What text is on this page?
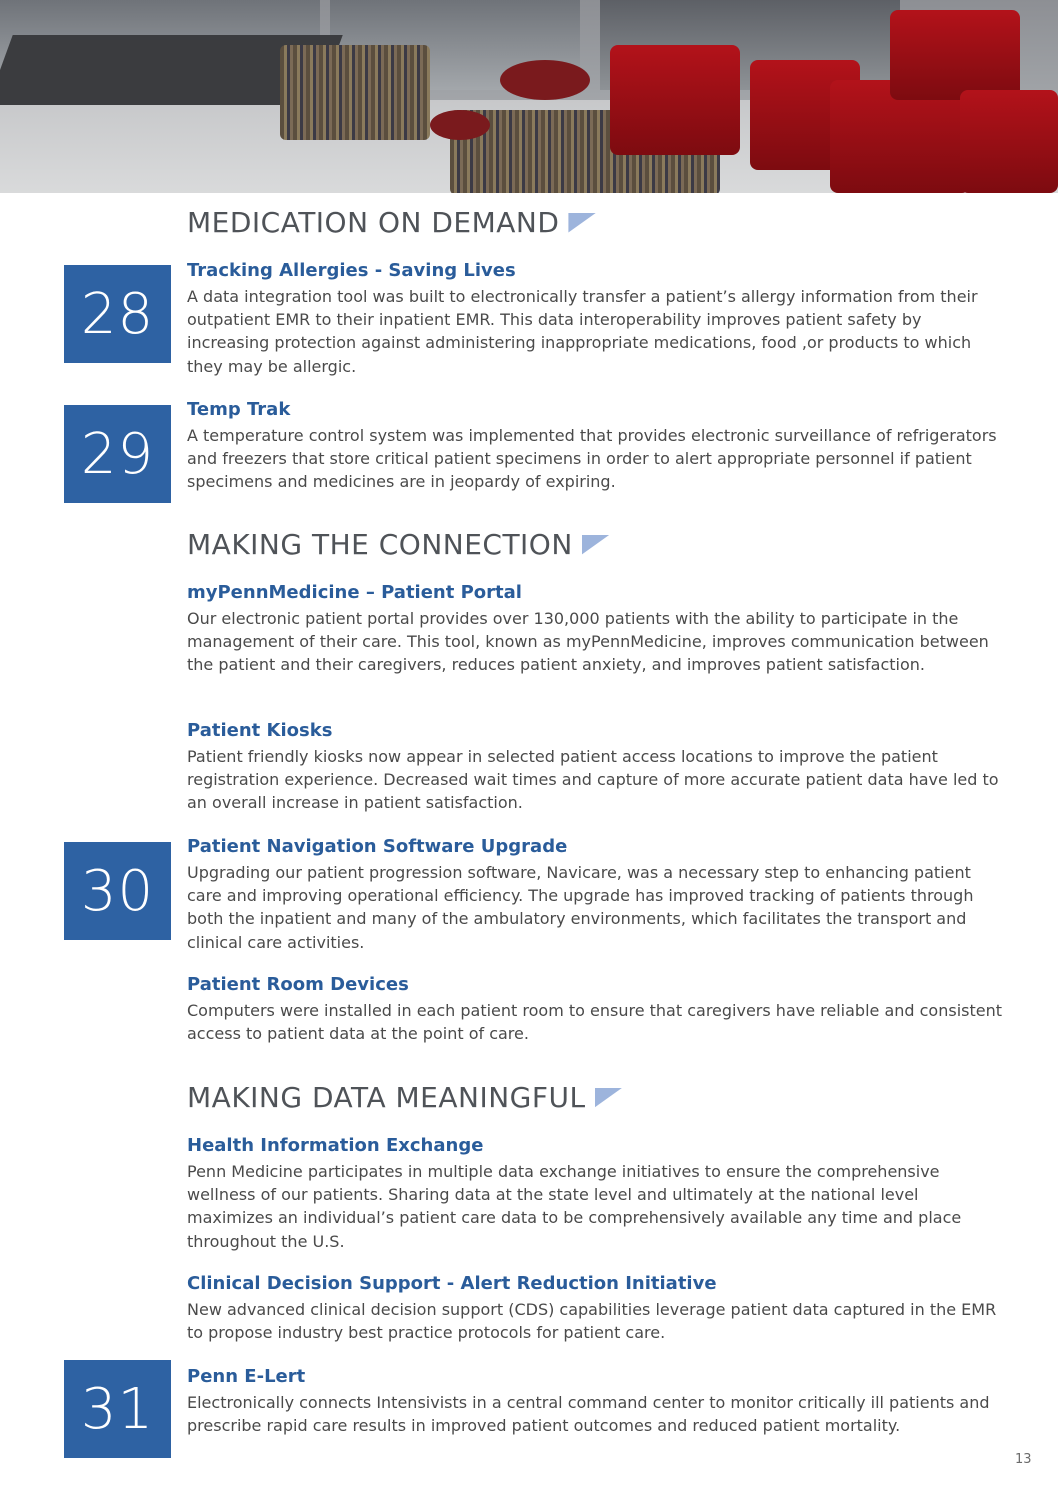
MEDICATION ON DEMAND
28

Tracking Allergies - Saving Lives

A data integration tool was built to electronically transfer a patient’s allergy information from their outpatient EMR to their inpatient EMR. This data interoperability improves patient safety by increasing protection against administering inappropriate medications, food ,or products to which they may be allergic.

29

Temp Trak

A temperature control system was implemented that provides electronic surveillance of refrigerators and freezers that store critical patient specimens in order to alert appropriate personnel if patient specimens and medicines are in jeopardy of expiring.

MAKING THE CONNECTION

myPennMedicine – Patient Portal

Our electronic patient portal provides over 130,000 patients with the ability to participate in the management of their care. This tool, known as myPennMedicine, improves communication between the patient and their caregivers, reduces patient anxiety, and improves patient satisfaction.

Patient Kiosks

Patient friendly kiosks now appear in selected patient access locations to improve the patient registration experience. Decreased wait times and capture of more accurate patient data have led to an overall increase in patient satisfaction.

30

Patient Navigation Software Upgrade

Upgrading our patient progression software, Navicare, was a necessary step to enhancing patient care and improving operational efficiency. The upgrade has improved tracking of patients through both the inpatient and many of the ambulatory environments, which facilitates the transport and clinical care activities.

Patient Room Devices

Computers were installed in each patient room to ensure that caregivers have reliable and consistent access to patient data at the point of care.

MAKING DATA MEANINGFUL

Health Information Exchange

Penn Medicine participates in multiple data exchange initiatives to ensure the comprehensive wellness of our patients. Sharing data at the state level and ultimately at the national level maximizes an individual’s patient care data to be comprehensively available any time and place throughout the U.S.

Clinical Decision Support - Alert Reduction Initiative

New advanced clinical decision support (CDS) capabilities leverage patient data captured in the EMR to propose industry best practice protocols for patient care.

31	Penn E-Lert

Electronically connects Intensivists in a central command center to monitor critically ill patients and prescribe rapid care results in improved patient outcomes and reduced patient mortality.

13
